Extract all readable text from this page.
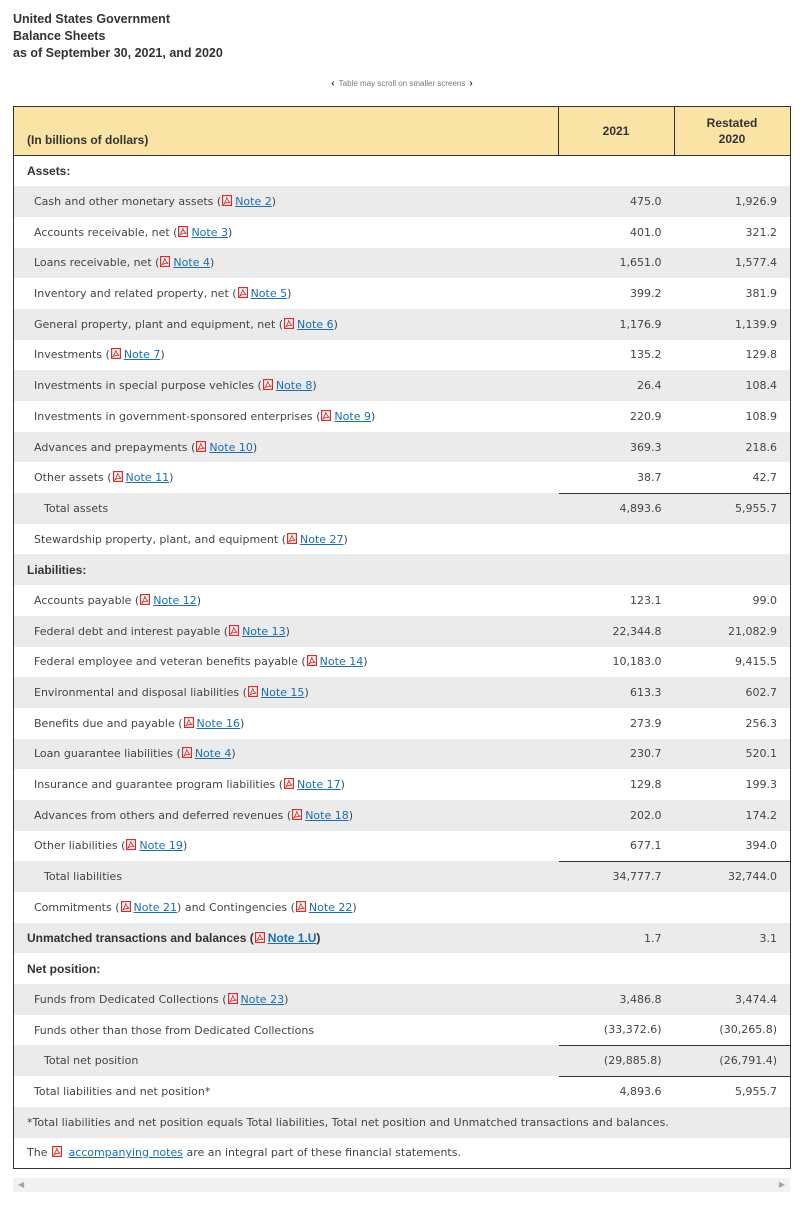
United States Government
Balance Sheets
as of September 30, 2021, and 2020
‹ Table may scroll on smaller screens ›
(In billions of dollars)	2021	Restated
2020
Assets:		
Cash and other monetary assets ( Note 2)	475.0	1,926.9
Accounts receivable, net ( Note 3)	401.0	321.2
Loans receivable, net ( Note 4)	1,651.0	1,577.4
Inventory and related property, net ( Note 5)	399.2	381.9
General property, plant and equipment, net ( Note 6)	1,176.9	1,139.9
Investments ( Note 7)	135.2	129.8
Investments in special purpose vehicles ( Note 8)	26.4	108.4
Investments in government-sponsored enterprises ( Note 9)	220.9	108.9
Advances and prepayments ( Note 10)	369.3	218.6
Other assets ( Note 11)	38.7	42.7
Total assets	4,893.6	5,955.7
Stewardship property, plant, and equipment ( Note 27)		
Liabilities:		
Accounts payable ( Note 12)	123.1	99.0
Federal debt and interest payable ( Note 13)	22,344.8	21,082.9
Federal employee and veteran benefits payable ( Note 14)	10,183.0	9,415.5
Environmental and disposal liabilities ( Note 15)	613.3	602.7
Benefits due and payable ( Note 16)	273.9	256.3
Loan guarantee liabilities ( Note 4)	230.7	520.1
Insurance and guarantee program liabilities ( Note 17)	129.8	199.3
Advances from others and deferred revenues ( Note 18)	202.0	174.2
Other liabilities ( Note 19)	677.1	394.0
Total liabilities	34,777.7	32,744.0
Commitments ( Note 21) and Contingencies ( Note 22)		
Unmatched transactions and balances ( Note 1.U)	1.7	3.1
Net position:		
Funds from Dedicated Collections ( Note 23)	3,486.8	3,474.4
Funds other than those from Dedicated Collections	(33,372.6)	(30,265.8)
Total net position	(29,885.8)	(26,791.4)
Total liabilities and net position*	4,893.6	5,955.7
*Total liabilities and net position equals Total liabilities, Total net position and Unmatched transactions and balances.		
The accompanying notes are an integral part of these financial statements.		
◀	▶
